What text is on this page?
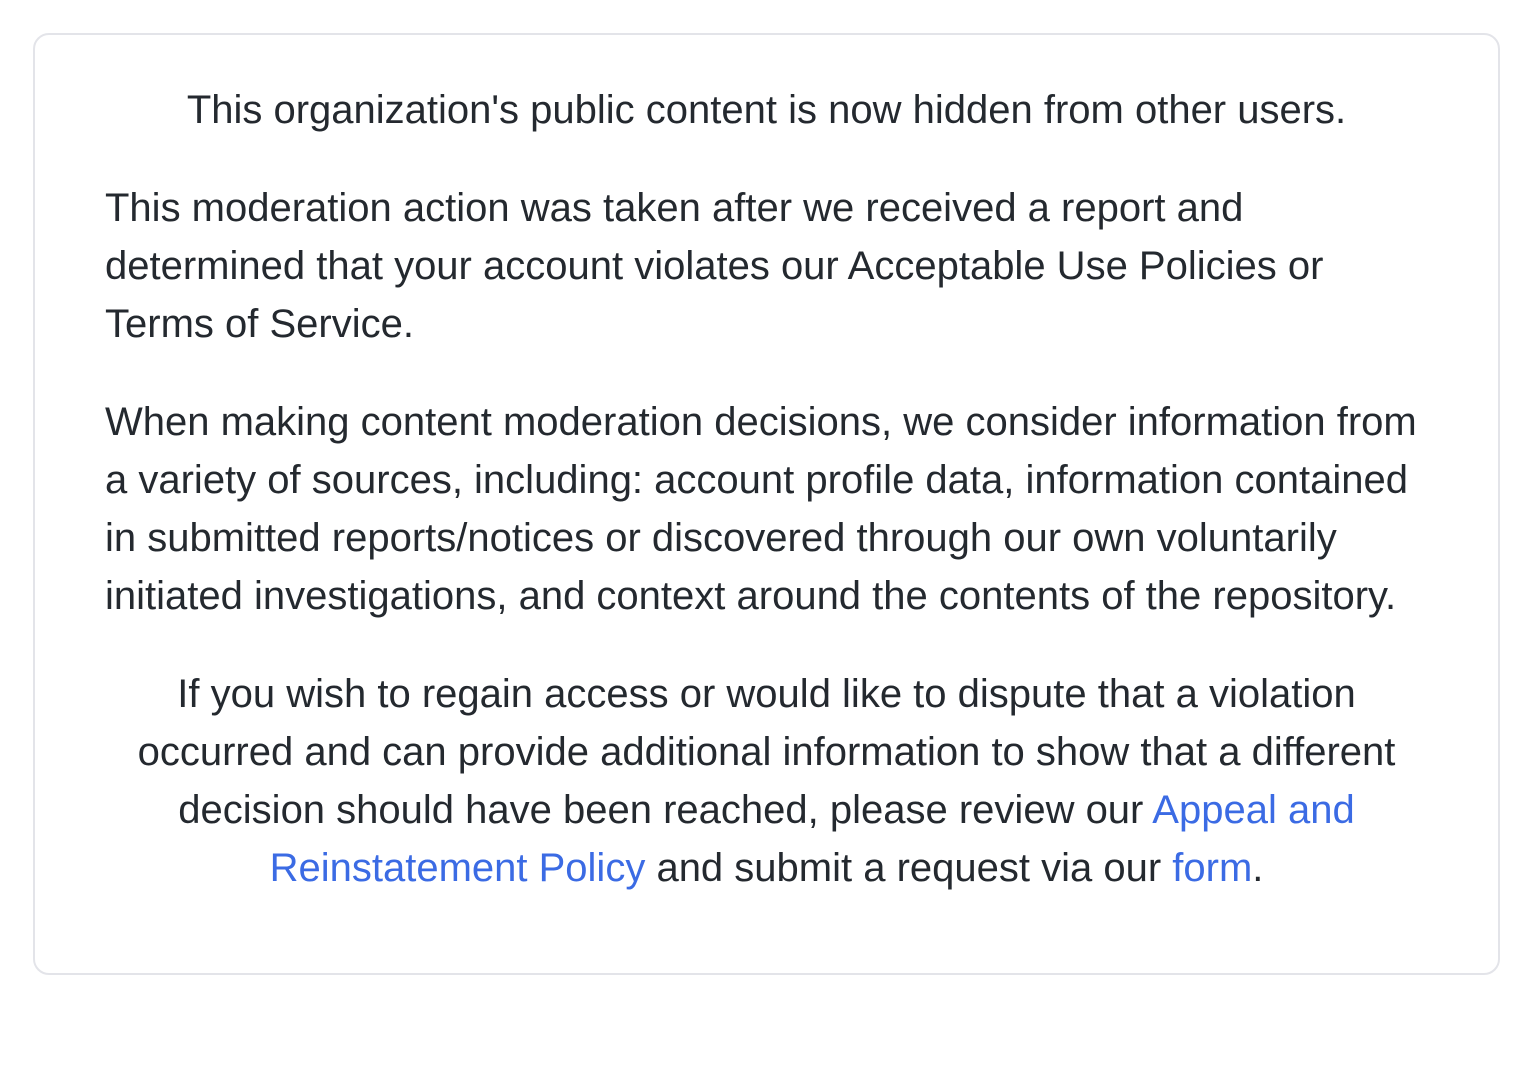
This organization's public content is now hidden from other users.

This moderation action was taken after we received a report and determined that your account violates our Acceptable Use Policies or Terms of Service.

When making content moderation decisions, we consider information from a variety of sources, including: account profile data, information contained in submitted reports/notices or discovered through our own voluntarily initiated investigations, and context around the contents of the repository.

If you wish to regain access or would like to dispute that a violation occurred and can provide additional information to show that a different decision should have been reached, please review our Appeal and Reinstatement Policy and submit a request via our form.
